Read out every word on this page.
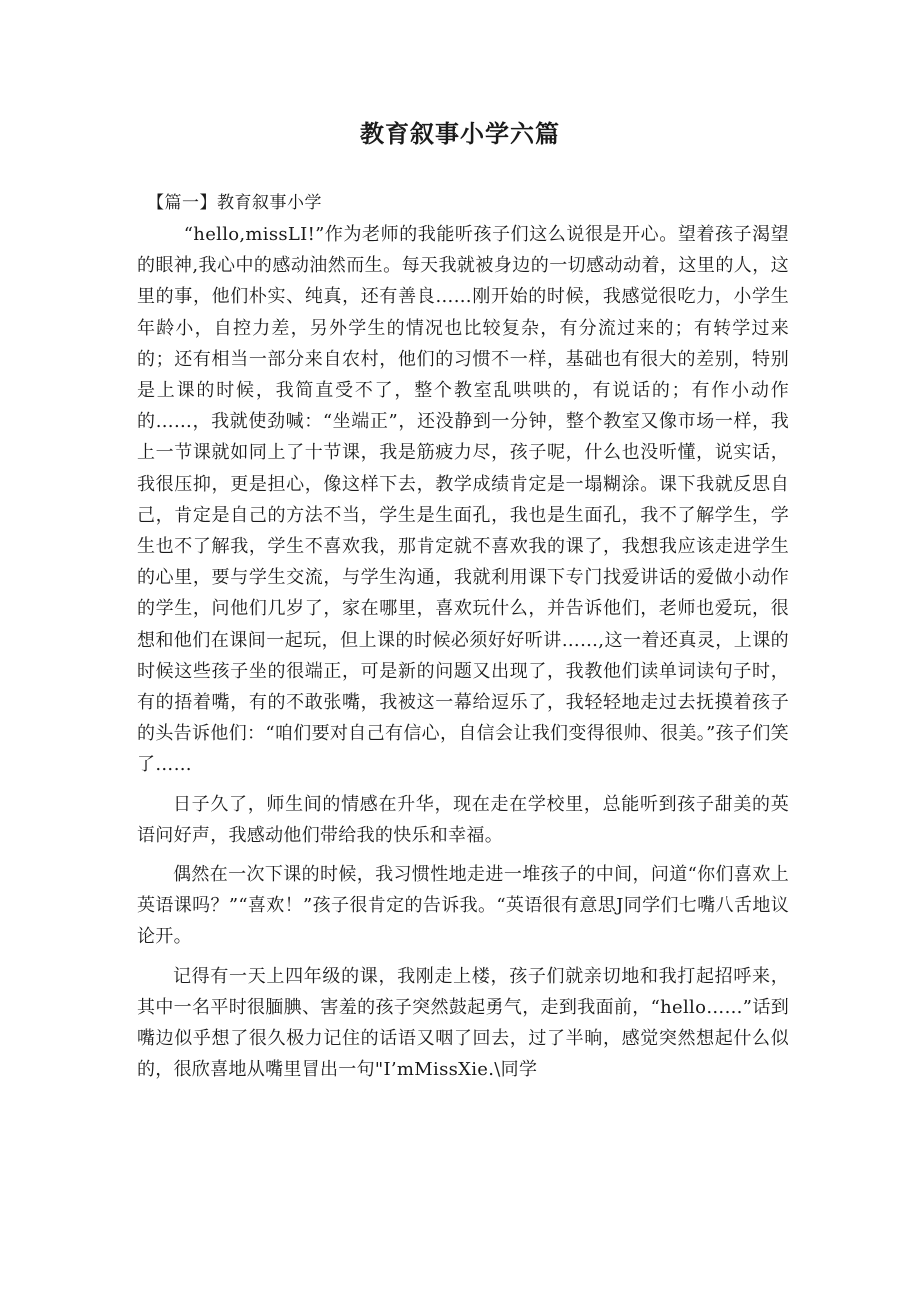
教育叙事小学六篇
【篇一】教育叙事小学

“hello,missLI!”作为老师的我能听孩子们这么说很是开心。望着孩子渴望的眼神,我心中的感动油然而生。每天我就被身边的一切感动动着，这里的人，这里的事，他们朴实、纯真，还有善良……刚开始的时候，我感觉很吃力，小学生年龄小，自控力差，另外学生的情况也比较复杂，有分流过来的；有转学过来的；还有相当一部分来自农村，他们的习惯不一样，基础也有很大的差别，特别是上课的时候，我简直受不了，整个教室乱哄哄的，有说话的；有作小动作的……，我就使劲喊：“坐端正”，还没静到一分钟，整个教室又像市场一样，我上一节课就如同上了十节课，我是筋疲力尽，孩子呢，什么也没听懂，说实话，我很压抑，更是担心，像这样下去，教学成绩肯定是一塌糊涂。课下我就反思自己，肯定是自己的方法不当，学生是生面孔，我也是生面孔，我不了解学生，学生也不了解我，学生不喜欢我，那肯定就不喜欢我的课了，我想我应该走进学生的心里，要与学生交流，与学生沟通，我就利用课下专门找爱讲话的爱做小动作的学生，问他们几岁了，家在哪里，喜欢玩什么，并告诉他们，老师也爱玩，很想和他们在课间一起玩，但上课的时候必须好好听讲……,这一着还真灵，上课的时候这些孩子坐的很端正，可是新的问题又出现了，我教他们读单词读句子时，有的捂着嘴，有的不敢张嘴，我被这一幕给逗乐了，我轻轻地走过去抚摸着孩子的头告诉他们：“咱们要对自己有信心，自信会让我们变得很帅、很美。”孩子们笑了……

日子久了，师生间的情感在升华，现在走在学校里，总能听到孩子甜美的英语问好声，我感动他们带给我的快乐和幸福。

偶然在一次下课的时候，我习惯性地走进一堆孩子的中间，问道“你们喜欢上英语课吗？”“喜欢！”孩子很肯定的告诉我。“英语很有意思J同学们七嘴八舌地议论开。

记得有一天上四年级的课，我刚走上楼，孩子们就亲切地和我打起招呼来，其中一名平时很腼腆、害羞的孩子突然鼓起勇气，走到我面前，“hello……”话到嘴边似乎想了很久极力记住的话语又咽了回去，过了半晌，感觉突然想起什么似的，很欣喜地从嘴里冒出一句"I’mMissXie.\同学
